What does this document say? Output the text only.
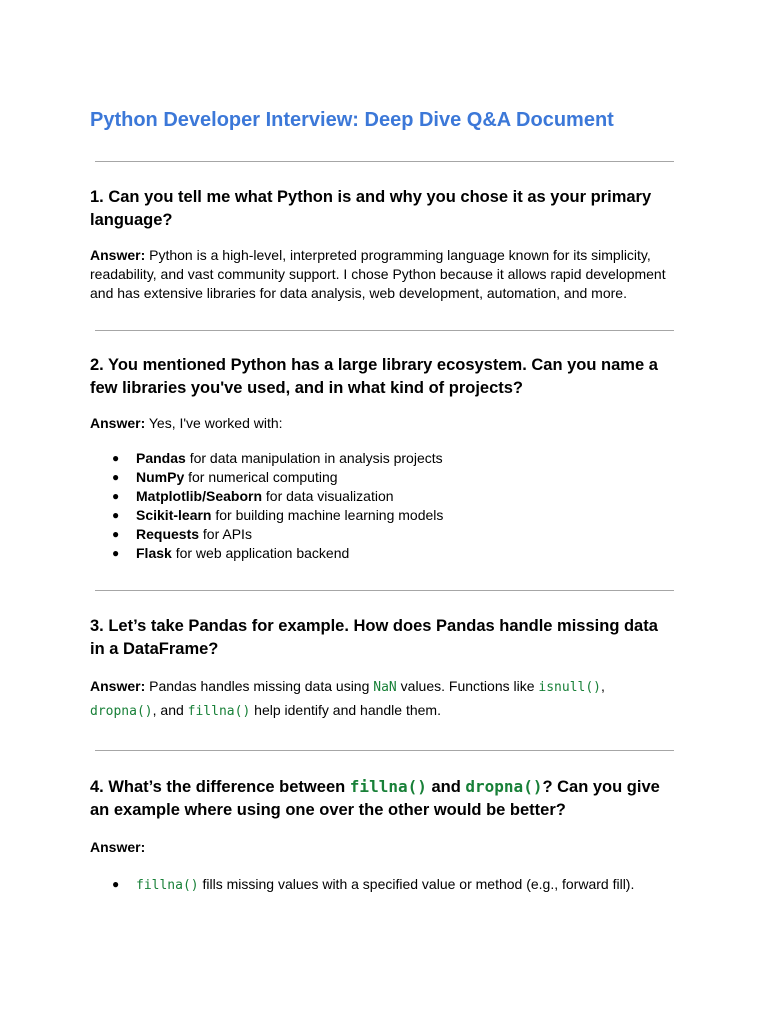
Python Developer Interview: Deep Dive Q&A Document
1. Can you tell me what Python is and why you chose it as your primary language?

Answer: Python is a high-level, interpreted programming language known for its simplicity, readability, and vast community support. I chose Python because it allows rapid development and has extensive libraries for data analysis, web development, automation, and more.

2. You mentioned Python has a large library ecosystem. Can you name a few libraries you've used, and in what kind of projects?

Answer: Yes, I've worked with:

● Pandas for data manipulation in analysis projects
● NumPy for numerical computing
● Matplotlib/Seaborn for data visualization
● Scikit-learn for building machine learning models
● Requests for APIs
● Flask for web application backend
3. Let’s take Pandas for example. How does Pandas handle missing data in a DataFrame?

Answer: Pandas handles missing data using NaN values. Functions like isnull(), dropna(), and fillna() help identify and handle them.

4. What’s the difference between fillna() and dropna()? Can you give an example where using one over the other would be better?

Answer:

● fillna() fills missing values with a specified value or method (e.g., forward fill).
